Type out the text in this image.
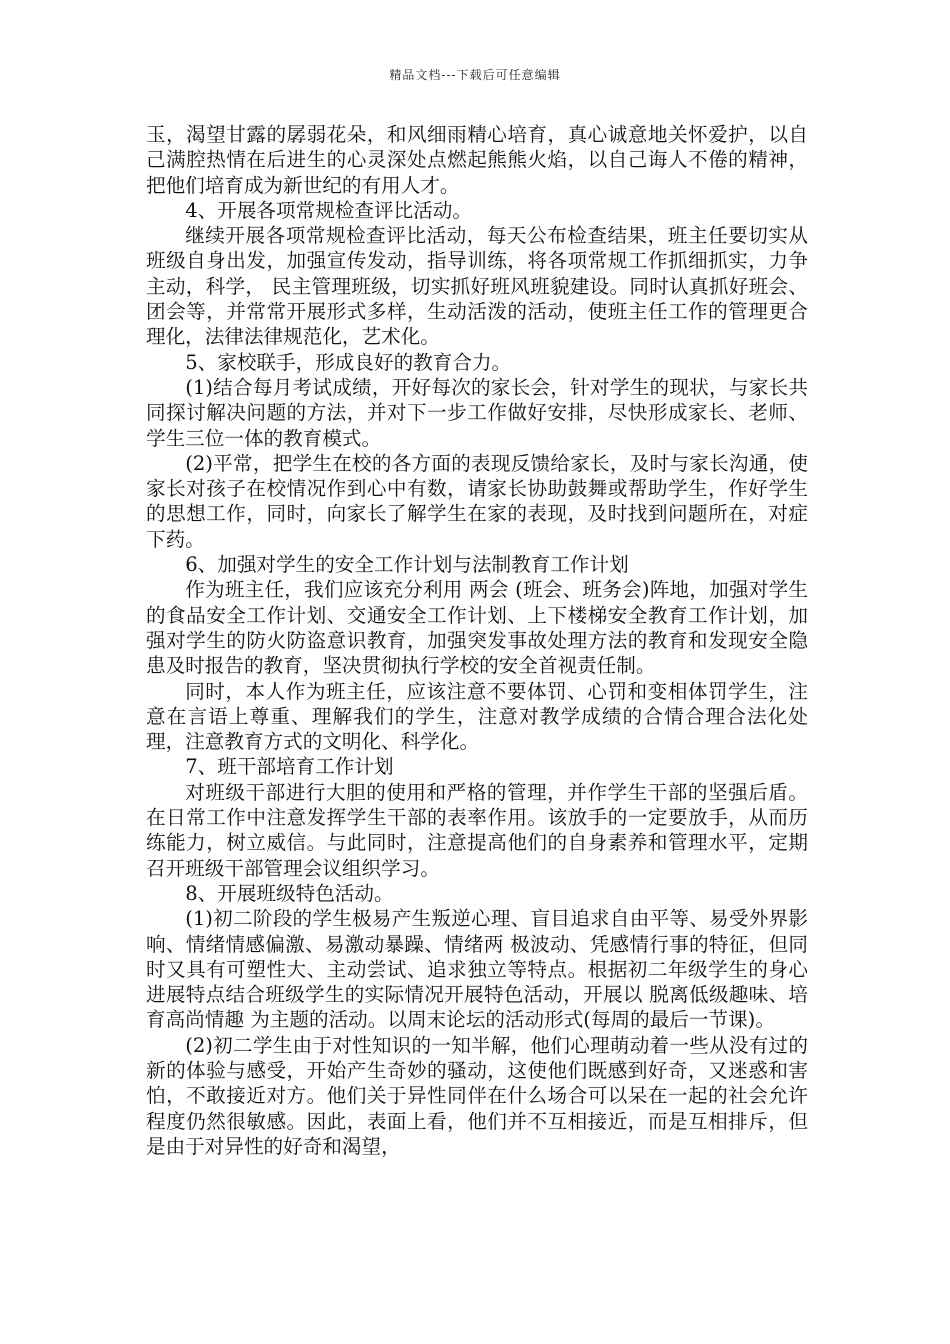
精品文档---下载后可任意编辑

玉，渴望甘露的孱弱花朵，和风细雨精心培育，真心诚意地关怀爱护，以自己满腔热情在后进生的心灵深处点燃起熊熊火焰，以自己诲人不倦的精神，把他们培育成为新世纪的有用人才。

4、开展各项常规检查评比活动。

继续开展各项常规检查评比活动，每天公布检查结果，班主任要切实从班级自身出发，加强宣传发动，指导训练，将各项常规工作抓细抓实，力争主动，科学， 民主管理班级，切实抓好班风班貌建设。同时认真抓好班会、团会等，并常常开展形式多样，生动活泼的活动，使班主任工作的管理更合理化，法律法律规范化，艺术化。

5、家校联手，形成良好的教育合力。

(1)结合每月考试成绩，开好每次的家长会，针对学生的现状，与家长共同探讨解决问题的方法，并对下一步工作做好安排，尽快形成家长、老师、学生三位一体的教育模式。

(2)平常，把学生在校的各方面的表现反馈给家长，及时与家长沟通，使家长对孩子在校情况作到心中有数，请家长协助鼓舞或帮助学生，作好学生的思想工作，同时，向家长了解学生在家的表现，及时找到问题所在，对症下药。

6、加强对学生的安全工作计划与法制教育工作计划

作为班主任，我们应该充分利用 两会 (班会、班务会)阵地，加强对学生的食品安全工作计划、交通安全工作计划、上下楼梯安全教育工作计划，加强对学生的防火防盗意识教育，加强突发事故处理方法的教育和发现安全隐患及时报告的教育，坚决贯彻执行学校的安全首视责任制。

同时，本人作为班主任，应该注意不要体罚、心罚和变相体罚学生，注意在言语上尊重、理解我们的学生，注意对教学成绩的合情合理合法化处理，注意教育方式的文明化、科学化。

7、班干部培育工作计划

对班级干部进行大胆的使用和严格的管理，并作学生干部的坚强后盾。在日常工作中注意发挥学生干部的表率作用。该放手的一定要放手，从而历练能力，树立威信。与此同时，注意提高他们的自身素养和管理水平，定期召开班级干部管理会议组织学习。

8、开展班级特色活动。

(1)初二阶段的学生极易产生叛逆心理、盲目追求自由平等、易受外界影响、情绪情感偏激、易激动暴躁、情绪两 极波动、凭感情行事的特征，但同时又具有可塑性大、主动尝试、追求独立等特点。根据初二年级学生的身心进展特点结合班级学生的实际情况开展特色活动，开展以 脱离低级趣味、培育高尚情趣 为主题的活动。以周末论坛的活动形式(每周的最后一节课)。

(2)初二学生由于对性知识的一知半解，他们心理萌动着一些从没有过的新的体验与感受，开始产生奇妙的骚动，这使他们既感到好奇，又迷惑和害怕，不敢接近对方。他们关于异性同伴在什么场合可以呆在一起的社会允许程度仍然很敏感。因此，表面上看，他们并不互相接近，而是互相排斥，但是由于对异性的好奇和渴望，
